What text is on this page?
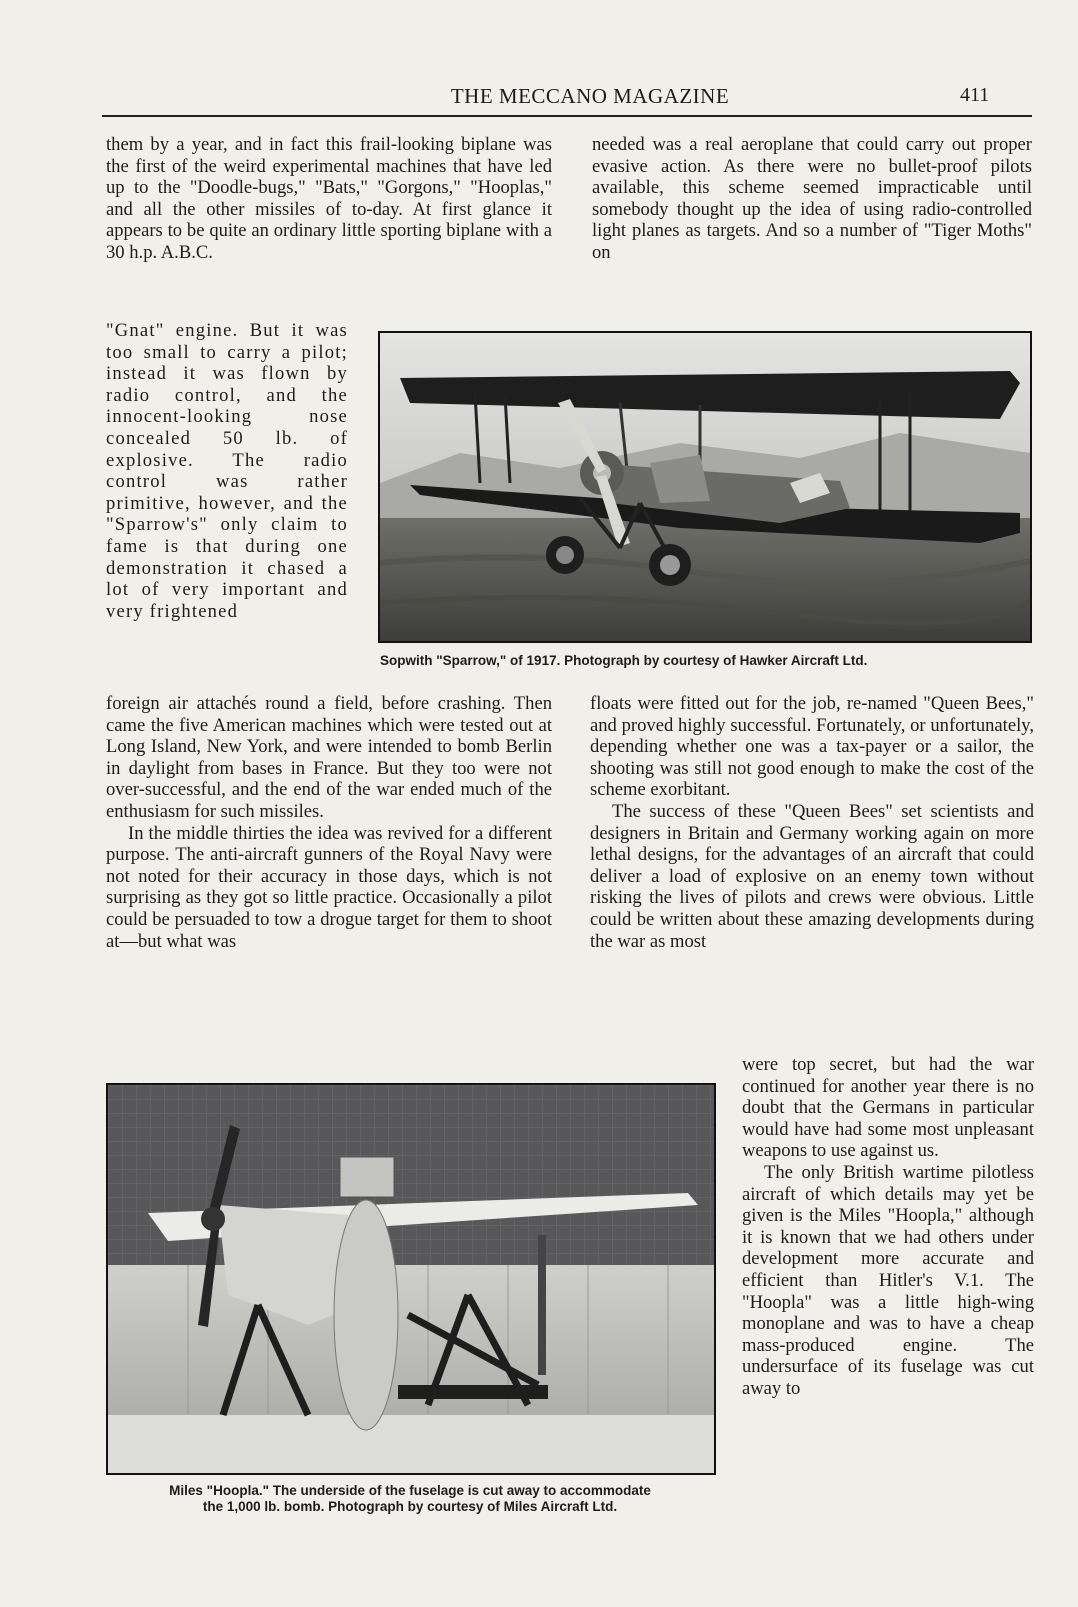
THE MECCANO MAGAZINE	411

them by a year, and in fact this frail-looking biplane was the first of the weird experimental machines that have led up to the "Doodle-bugs," "Bats," "Gorgons," "Hooplas," and all the other missiles of to-day. At first glance it appears to be quite an ordinary little sporting biplane with a 30 h.p. A.B.C.

"Gnat" engine. But it was too small to carry a pilot; instead it was flown by radio control, and the innocent-looking nose concealed 50 lb. of explosive. The radio control was rather primitive, however, and the "Sparrow's" only claim to fame is that during one demonstration it chased a lot of very important and very frightened

needed was a real aeroplane that could carry out proper evasive action. As there were no bullet-proof pilots available, this scheme seemed impracticable until somebody thought up the idea of using radio-controlled light planes as targets. And so a number of "Tiger Moths" on

Sopwith "Sparrow," of 1917. Photograph by courtesy of Hawker Aircraft Ltd.

foreign air attachés round a field, before crashing. Then came the five American machines which were tested out at Long Island, New York, and were intended to bomb Berlin in daylight from bases in France. But they too were not over-successful, and the end of the war ended much of the enthusiasm for such missiles.

In the middle thirties the idea was revived for a different purpose. The anti-aircraft gunners of the Royal Navy were not noted for their accuracy in those days, which is not surprising as they got so little practice. Occasionally a pilot could be persuaded to tow a drogue target for them to shoot at—but what was

floats were fitted out for the job, re-named "Queen Bees," and proved highly successful. Fortunately, or unfortunately, depending whether one was a tax-payer or a sailor, the shooting was still not good enough to make the cost of the scheme exorbitant.

The success of these "Queen Bees" set scientists and designers in Britain and Germany working again on more lethal designs, for the advantages of an aircraft that could deliver a load of explosive on an enemy town without risking the lives of pilots and crews were obvious. Little could be written about these amazing developments during the war as most

were top secret, but had the war continued for another year there is no doubt that the Germans in particular would have had some most unpleasant weapons to use against us.

The only British wartime pilotless aircraft of which details may yet be given is the Miles "Hoopla," although it is known that we had others under development more accurate and efficient than Hitler's V.1. The "Hoopla" was a little high-wing monoplane and was to have a cheap mass-produced engine. The undersurface of its fuselage was cut away to

Miles "Hoopla." The underside of the fuselage is cut away to accommodate
the 1,000 lb. bomb. Photograph by courtesy of Miles Aircraft Ltd.
